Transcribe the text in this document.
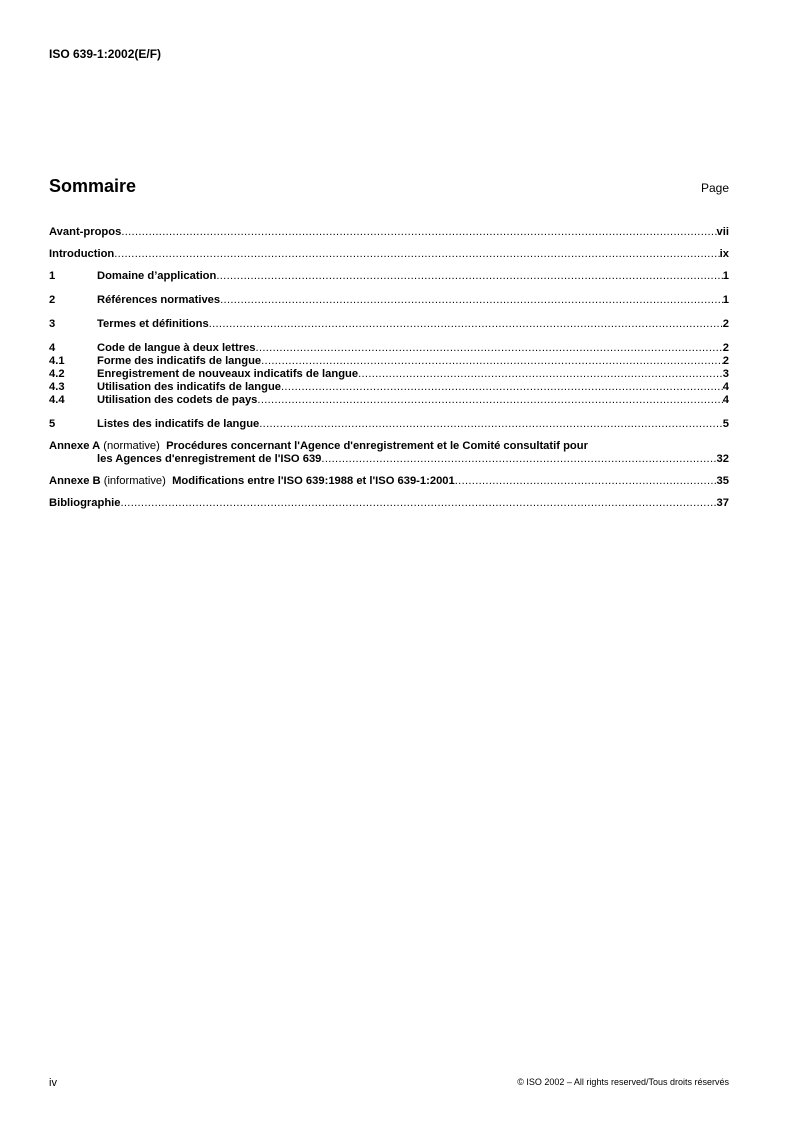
ISO 639-1:2002(E/F)
Sommaire	Page
Avant-propos .....	vii
Introduction .....	ix
1	Domaine d’application .....	1
2	Références normatives .....	1
3	Termes et définitions .....	2
4	Code de langue à deux lettres .....	2
4.1	Forme des indicatifs de langue .....	2
4.2	Enregistrement de nouveaux indicatifs de langue .....	3
4.3	Utilisation des indicatifs de langue .....	4
4.4	Utilisation des codets de pays .....	4
5	Listes des indicatifs de langue .....	5
Annexe A (normative)  Procédures concernant l'Agence d'enregistrement et le Comité consultatif pour
les Agences d'enregistrement de l'ISO 639 .....	32
Annexe B (informative)  Modifications entre l'ISO 639:1988 et l'ISO 639-1:2001 .....	35
Bibliographie .....	37
iv	© ISO 2002 – All rights reserved/Tous droits réservés
